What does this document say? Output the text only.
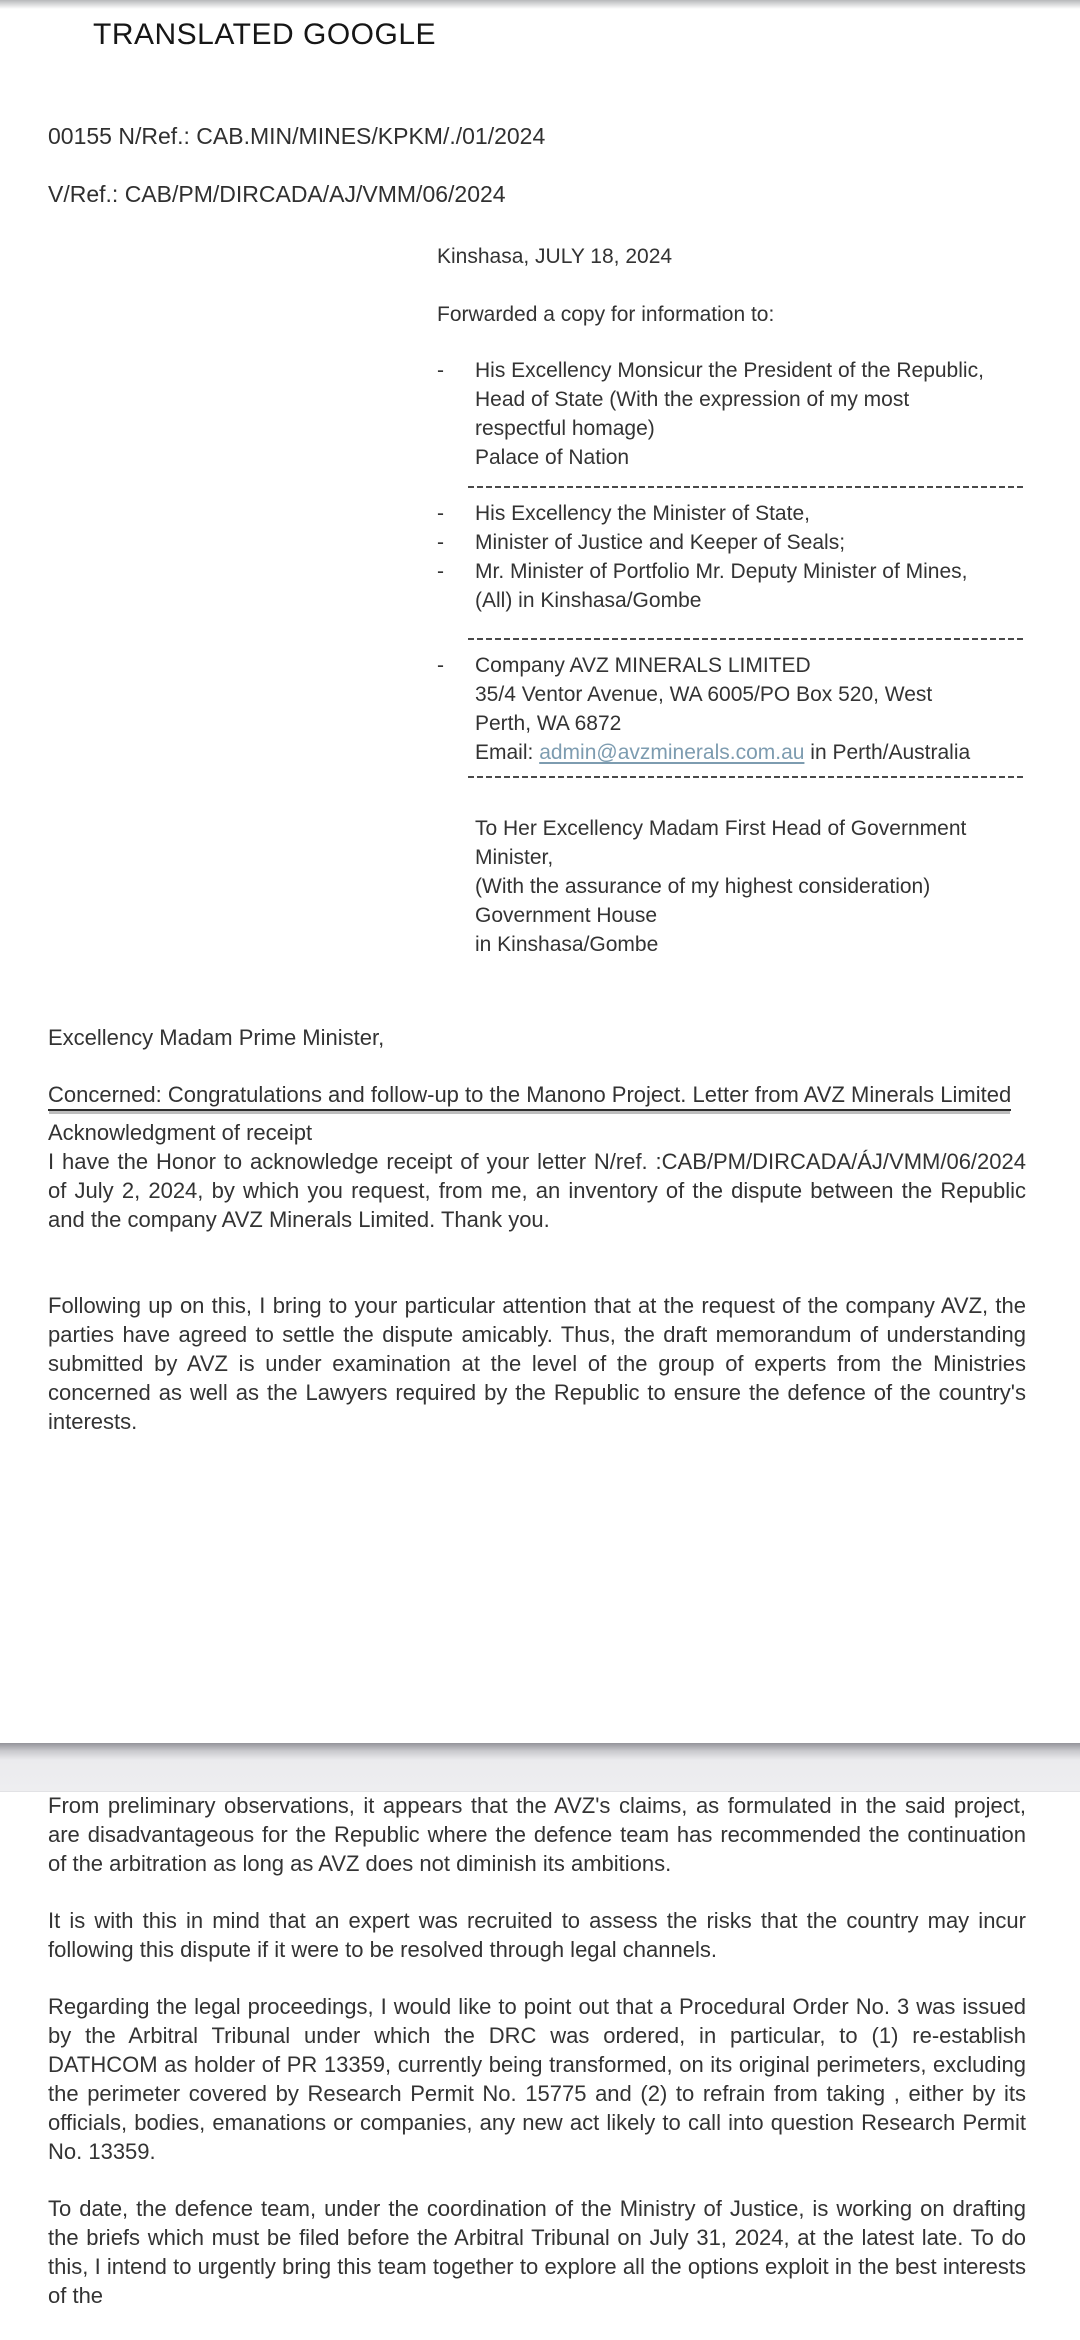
TRANSLATED GOOGLE
00155 N/Ref.: CAB.MIN/MINES/KPKM/./01/2024
V/Ref.: CAB/PM/DIRCADA/AJ/VMM/06/2024
Kinshasa, JULY 18, 2024
Forwarded a copy for information to:
-	His Excellency Monsicur the President of the Republic,
Head of State (With the expression of my most
respectful homage)
Palace of Nation
-	His Excellency the Minister of State,
-	Minister of Justice and Keeper of Seals;
-	Mr. Minister of Portfolio Mr. Deputy Minister of Mines,
(All) in Kinshasa/Gombe
-	Company AVZ MINERALS LIMITED
35/4 Ventor Avenue, WA 6005/PO Box 520, West
Perth, WA 6872
Email: admin@avzminerals.com.au in Perth/Australia
To Her Excellency Madam First Head of Government
Minister,
(With the assurance of my highest consideration)
Government House
in Kinshasa/Gombe
Excellency Madam Prime Minister,
Concerned: Congratulations and follow-up to the Manono Project. Letter from AVZ Minerals Limited
Acknowledgment of receipt

I have the Honor to acknowledge receipt of your letter N/ref. :CAB/PM/DIRCADA/ÁJ/VMM/06/2024 of July 2, 2024, by which you request, from me, an inventory of the dispute between the Republic and the company AVZ Minerals Limited. Thank you.

Following up on this, I bring to your particular attention that at the request of the company AVZ, the parties have agreed to settle the dispute amicably. Thus, the draft memorandum of understanding submitted by AVZ is under examination at the level of the group of experts from the Ministries concerned as well as the Lawyers required by the Republic to ensure the defence of the country's interests.

From preliminary observations, it appears that the AVZ's claims, as formulated in the said project, are disadvantageous for the Republic where the defence team has recommended the continuation of the arbitration as long as AVZ does not diminish its ambitions.

It is with this in mind that an expert was recruited to assess the risks that the country may incur following this dispute if it were to be resolved through legal channels.

Regarding the legal proceedings, I would like to point out that a Procedural Order No. 3 was issued by the Arbitral Tribunal under which the DRC was ordered, in particular, to (1) re-establish DATHCOM as holder of PR 13359, currently being transformed, on its original perimeters, excluding the perimeter covered by Research Permit No. 15775 and (2) to refrain from taking , either by its officials, bodies, emanations or companies, any new act likely to call into question Research Permit No. 13359.

To date, the defence team, under the coordination of the Ministry of Justice, is working on drafting the briefs which must be filed before the Arbitral Tribunal on July 31, 2024, at the latest late. To do this, I intend to urgently bring this team together to explore all the options exploit in the best interests of the
